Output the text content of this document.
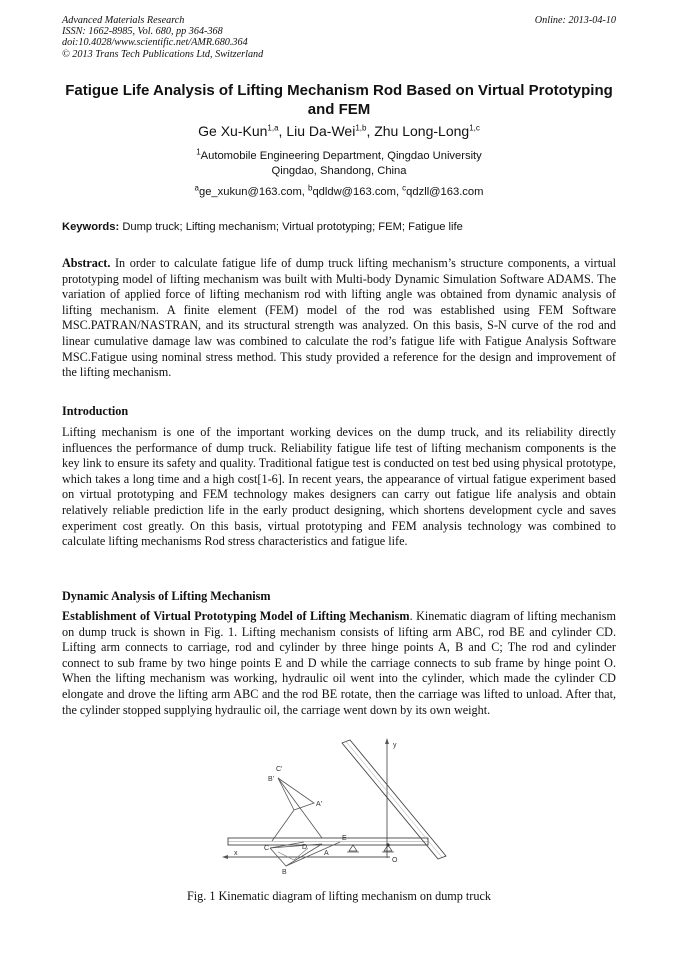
Advanced Materials Research
ISSN: 1662-8985, Vol. 680, pp 364-368
doi:10.4028/www.scientific.net/AMR.680.364
© 2013 Trans Tech Publications Ltd, Switzerland
Online: 2013-04-10
Fatigue Life Analysis of Lifting Mechanism Rod Based on Virtual Prototyping and FEM
Ge Xu-Kun$^{1,a}$, Liu Da-Wei$^{1,b}$, Zhu Long-Long$^{1,c}$
$^1$Automobile Engineering Department, Qingdao University
Qingdao, Shandong, China
$^a$ge_xukun@163.com, $^b$qdldw@163.com, $^c$qdzll@163.com
Keywords: Dump truck; Lifting mechanism; Virtual prototyping; FEM; Fatigue life
Abstract. In order to calculate fatigue life of dump truck lifting mechanism’s structure components, a virtual prototyping model of lifting mechanism was built with Multi-body Dynamic Simulation Software ADAMS. The variation of applied force of lifting mechanism rod with lifting angle was obtained from dynamic analysis of lifting mechanism. A finite element (FEM) model of the rod was established using FEM Software MSC.PATRAN/NASTRAN, and its structural strength was analyzed. On this basis, S-N curve of the rod and linear cumulative damage law was combined to calculate the rod’s fatigue life with Fatigue Analysis Software MSC.Fatigue using nominal stress method. This study provided a reference for the design and improvement of the lifting mechanism.
Introduction
Lifting mechanism is one of the important working devices on the dump truck, and its reliability directly influences the performance of dump truck. Reliability fatigue life test of lifting mechanism components is the key link to ensure its safety and quality. Traditional fatigue test is conducted on test bed using physical prototype, which takes a long time and a high cost[1-6]. In recent years, the appearance of virtual fatigue experiment based on virtual prototyping and FEM technology makes designers can carry out fatigue life analysis and obtain relatively reliable prediction life in the early product designing, which shortens development cycle and saves experiment cost greatly. On this basis, virtual prototyping and FEM analysis technology was combined to calculate lifting mechanisms Rod stress characteristics and fatigue life.
Dynamic Analysis of Lifting Mechanism
Establishment of Virtual Prototyping Model of Lifting Mechanism. Kinematic diagram of lifting mechanism on dump truck is shown in Fig. 1. Lifting mechanism consists of lifting arm ABC, rod BE and cylinder CD. Lifting arm connects to carriage, rod and cylinder by three hinge points A, B and C; The rod and cylinder connect to sub frame by two hinge points E and D while the carriage connects to sub frame by hinge point O. When the lifting mechanism was working, hydraulic oil went into the cylinder, which made the cylinder CD elongate and drove the lifting arm ABC and the rod BE rotate, then the carriage was lifted to unload. After that, the cylinder stopped supplying hydraulic oil, the carriage went down by its own weight.
y
x
C'
B'
A'
C	D
E
A
B
O
Fig. 1 Kinematic diagram of lifting mechanism on dump truck
